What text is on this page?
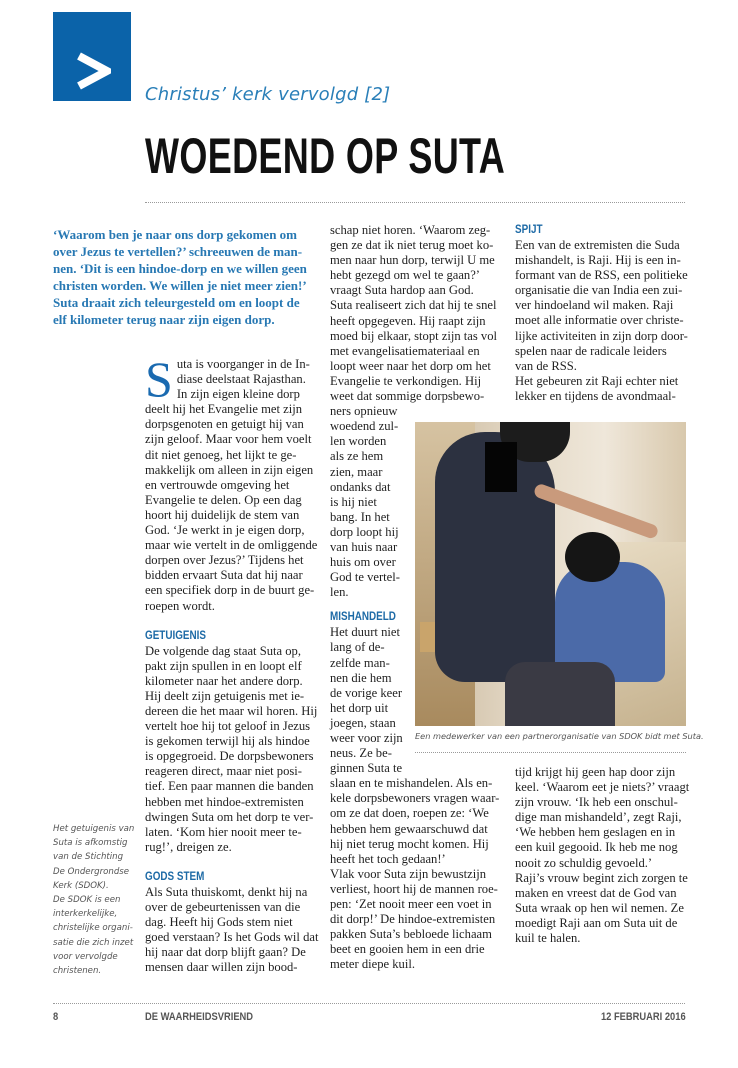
Christus’ kerk vervolgd [2]
WOEDEND OP SUTA
‘Waarom ben je naar ons dorp gekomen om
over Jezus te vertellen?’ schreeuwen de man-
nen. ‘Dit is een hindoe-dorp en we willen geen
christen worden. We willen je niet meer zien!’
Suta draait zich teleurgesteld om en loopt de
elf kilometer terug naar zijn eigen dorp.
S uta is voorganger in de In-
diase deelstaat Rajasthan.
In zijn eigen kleine dorp
deelt hij het Evangelie met zijn
dorpsgenoten en getuigt hij van
zijn geloof. Maar voor hem voelt
dit niet genoeg, het lijkt te ge-
makkelijk om alleen in zijn eigen
en vertrouwde omgeving het
Evangelie te delen. Op een dag
hoort hij duidelijk de stem van
God. ‘Je werkt in je eigen dorp,
maar wie vertelt in de omliggende
dorpen over Jezus?’ Tijdens het
bidden ervaart Suta dat hij naar
een specifiek dorp in de buurt ge-
roepen wordt.
GETUIGENIS
De volgende dag staat Suta op,
pakt zijn spullen in en loopt elf
kilometer naar het andere dorp.
Hij deelt zijn getuigenis met ie-
dereen die het maar wil horen. Hij
vertelt hoe hij tot geloof in Jezus
is gekomen terwijl hij als hindoe
is opgegroeid. De dorpsbewoners
reageren direct, maar niet posi-
tief. Een paar mannen die banden
hebben met hindoe-extremisten
dwingen Suta om het dorp te ver-
laten. ‘Kom hier nooit meer te-
rug!’, dreigen ze.
GODS STEM
Als Suta thuiskomt, denkt hij na
over de gebeurtenissen van die
dag. Heeft hij Gods stem niet
goed verstaan? Is het Gods wil dat
hij naar dat dorp blijft gaan? De
mensen daar willen zijn bood-
schap niet horen. ‘Waarom zeg-
gen ze dat ik niet terug moet ko-
men naar hun dorp, terwijl U me
hebt gezegd om wel te gaan?’
vraagt Suta hardop aan God.
Suta realiseert zich dat hij te snel
heeft opgegeven. Hij raapt zijn
moed bij elkaar, stopt zijn tas vol
met evangelisatiemateriaal en
loopt weer naar het dorp om het
Evangelie te verkondigen. Hij
weet dat sommige dorpsbewo-
ners opnieuw
woedend zul-
len worden
als ze hem
zien, maar
ondanks dat
is hij niet
bang. In het
dorp loopt hij
van huis naar
huis om over
God te vertel-
len.
MISHANDELD
Het duurt niet
lang of de-
zelfde man-
nen die hem
de vorige keer
het dorp uit
joegen, staan
weer voor zijn
neus. Ze be-
ginnen Suta te
slaan en te mishandelen. Als en-
kele dorpsbewoners vragen waar-
om ze dat doen, roepen ze: ‘We
hebben hem gewaarschuwd dat
hij niet terug mocht komen. Hij
heeft het toch gedaan!’
Vlak voor Suta zijn bewustzijn
verliest, hoort hij de mannen roe-
pen: ‘Zet nooit meer een voet in
dit dorp!’ De hindoe-extremisten
pakken Suta’s bebloede lichaam
beet en gooien hem in een drie
meter diepe kuil.
SPIJT
Een van de extremisten die Suda
mishandelt, is Raji. Hij is een in-
formant van de RSS, een politieke
organisatie die van India een zui-
ver hindoeland wil maken. Raji
moet alle informatie over christe-
lijke activiteiten in zijn dorp door-
spelen naar de radicale leiders
van de RSS.
Het gebeuren zit Raji echter niet
lekker en tijdens de avondmaal-
Een medewerker van een partnerorganisatie van SDOK bidt met Suta.
tijd krijgt hij geen hap door zijn
keel. ‘Waarom eet je niets?’ vraagt
zijn vrouw. ‘Ik heb een onschul-
dige man mishandeld’, zegt Raji,
‘We hebben hem geslagen en in
een kuil gegooid. Ik heb me nog
nooit zo schuldig gevoeld.’
Raji’s vrouw begint zich zorgen te
maken en vreest dat de God van
Suta wraak op hen wil nemen. Ze
moedigt Raji aan om Suta uit de
kuil te halen.
Het getuigenis van
Suta is afkomstig
van de Stichting
De Ondergrondse
Kerk (SDOK).
De SDOK is een
interkerkelijke,
christelijke organi-
satie die zich inzet
voor vervolgde
christenen.
8	DE WAARHEIDSVRIEND	12 FEBRUARI 2016
